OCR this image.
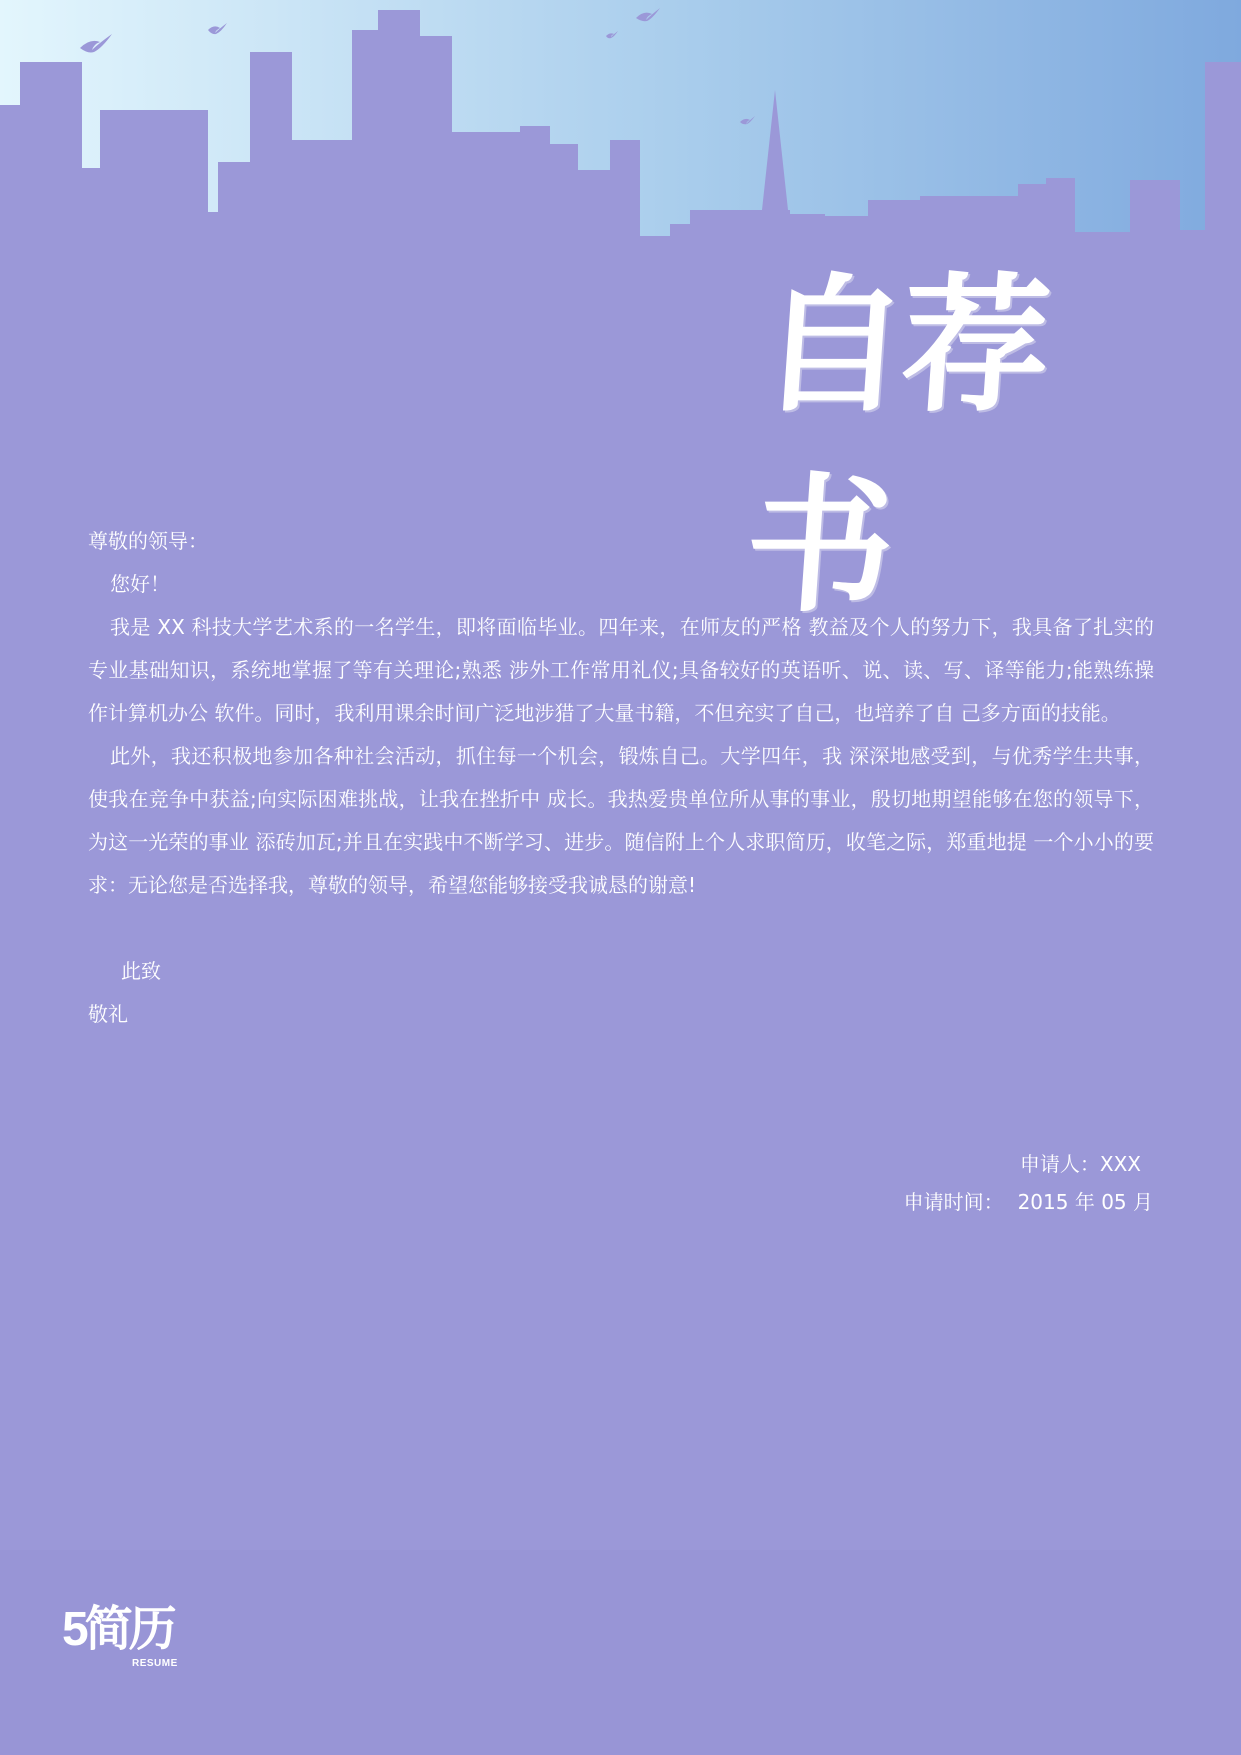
自荐书

尊敬的领导：

您好！

我是 XX 科技大学艺术系的一名学生，即将面临毕业。四年来，在师友的严格 教益及个人的努力下，我具备了扎实的专业基础知识，系统地掌握了等有关理论;熟悉 涉外工作常用礼仪;具备较好的英语听、说、读、写、译等能力;能熟练操作计算机办公 软件。同时，我利用课余时间广泛地涉猎了大量书籍，不但充实了自己，也培养了自 己多方面的技能。

此外，我还积极地参加各种社会活动，抓住每一个机会，锻炼自己。大学四年，我 深深地感受到，与优秀学生共事，使我在竞争中获益;向实际困难挑战，让我在挫折中 成长。我热爱贵单位所从事的事业，殷切地期望能够在您的领导下，为这一光荣的事业 添砖加瓦;并且在实践中不断学习、进步。随信附上个人求职简历，收笔之际，郑重地提 一个小小的要求：无论您是否选择我，尊敬的领导，希望您能够接受我诚恳的谢意!

此致

敬礼

申请人：XXX
申请时间： 2015 年 05 月
5简历
RESUME
